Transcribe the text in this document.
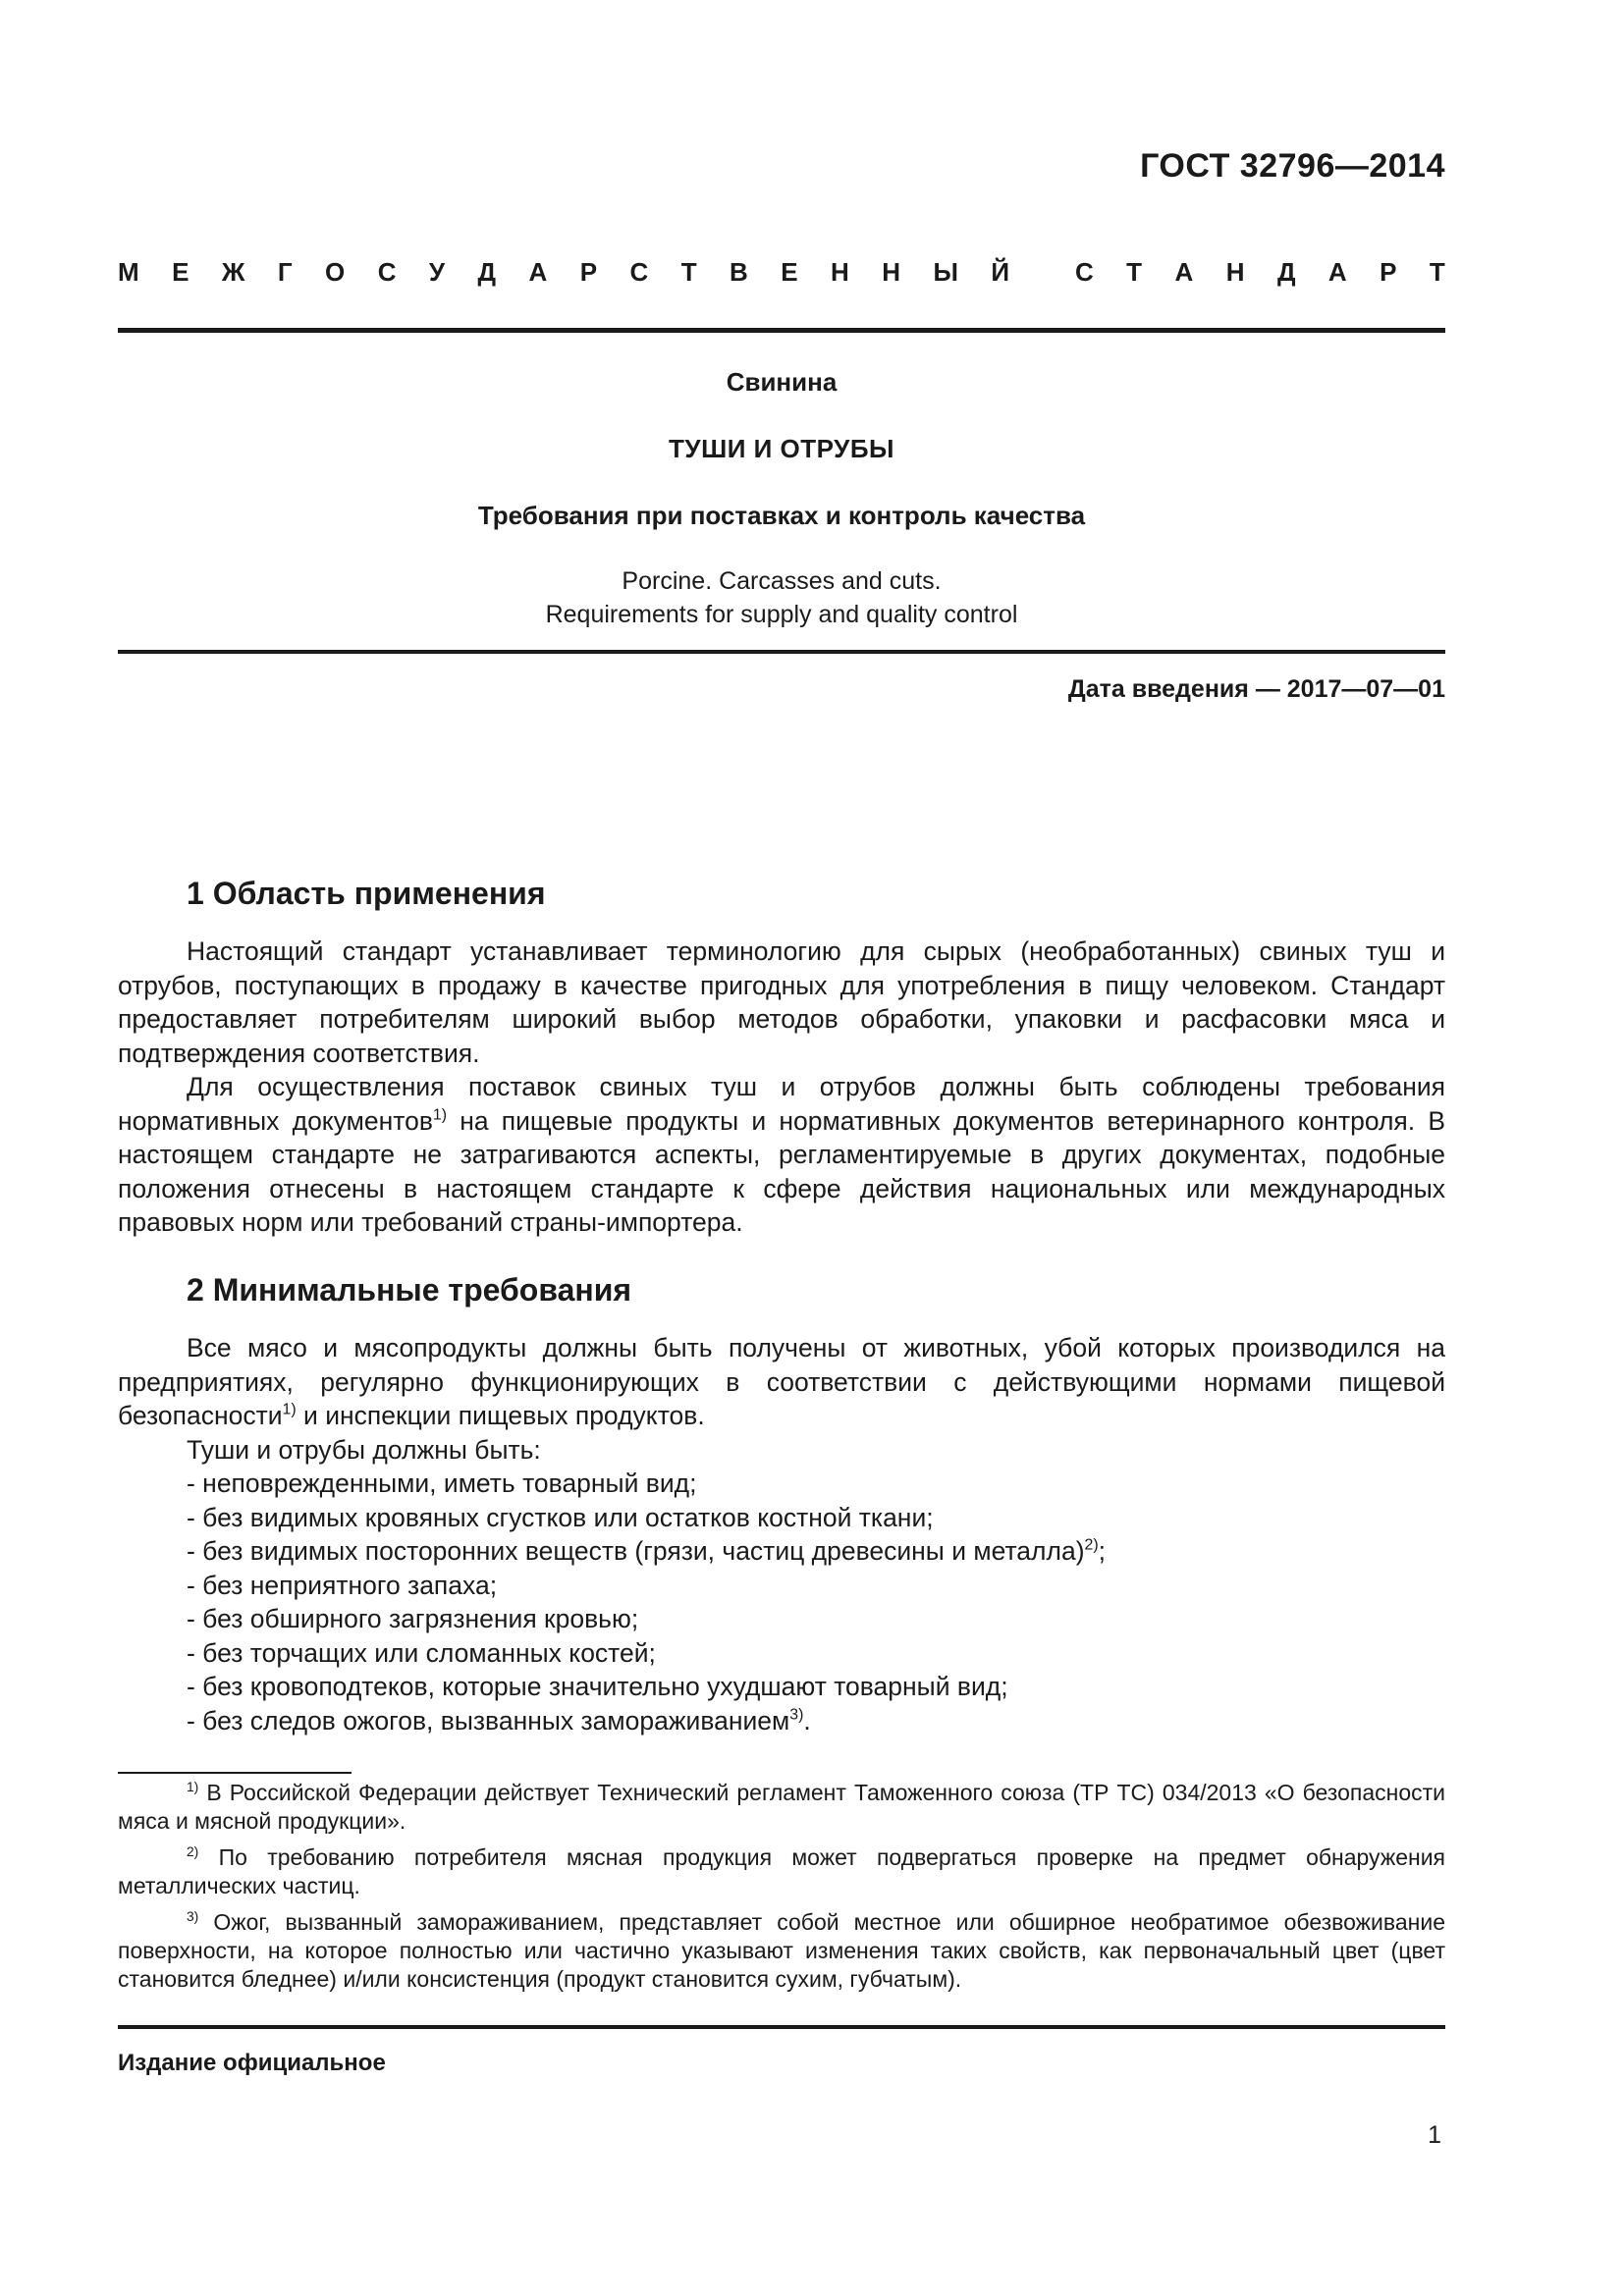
ГОСТ 32796—2014
М Е Ж Г О С У Д А Р С Т В Е Н Н Ы Й	С Т А Н Д А Р Т
Свинина
ТУШИ И ОТРУБЫ
Требования при поставках и контроль качества
Porcine. Carcasses and cuts.
Requirements for supply and quality control
Дата введения — 2017—07—01
1 Область применения

Настоящий стандарт устанавливает терминологию для сырых (необработанных) свиных туш и отрубов, поступающих в продажу в качестве пригодных для употребления в пищу человеком. Стандарт предоставляет потребителям широкий выбор методов обработки, упаковки и расфасовки мяса и подтверждения соответствия.

Для осуществления поставок свиных туш и отрубов должны быть соблюдены требования нормативных документов$^{1)}$ на пищевые продукты и нормативных документов ветеринарного контроля. В настоящем стандарте не затрагиваются аспекты, регламентируемые в других документах, подобные положения отнесены в настоящем стандарте к сфере действия национальных или международных правовых норм или требований страны-импортера.

2 Минимальные требования

Все мясо и мясопродукты должны быть получены от животных, убой которых производился на предприятиях, регулярно функционирующих в соответствии с действующими нормами пищевой безопасности$^{1)}$ и инспекции пищевых продуктов.

Туши и отрубы должны быть:

- неповрежденными, иметь товарный вид;
- без видимых кровяных сгустков или остатков костной ткани;
- без видимых посторонних веществ (грязи, частиц древесины и металла)$^{2)}$;
- без неприятного запаха;
- без обширного загрязнения кровью;
- без торчащих или сломанных костей;
- без кровоподтеков, которые значительно ухудшают товарный вид;
- без следов ожогов, вызванных замораживанием$^{3)}$.

$^{1)}$ В Российской Федерации действует Технический регламент Таможенного союза (ТР ТС) 034/2013 «О безопасности мяса и мясной продукции».

$^{2)}$ По требованию потребителя мясная продукция может подвергаться проверке на предмет обнаружения металлических частиц.

$^{3)}$ Ожог, вызванный замораживанием, представляет собой местное или обширное необратимое обезвоживание поверхности, на которое полностью или частично указывают изменения таких свойств, как первоначальный цвет (цвет становится бледнее) и/или консистенция (продукт становится сухим, губчатым).

Издание официальное
1
